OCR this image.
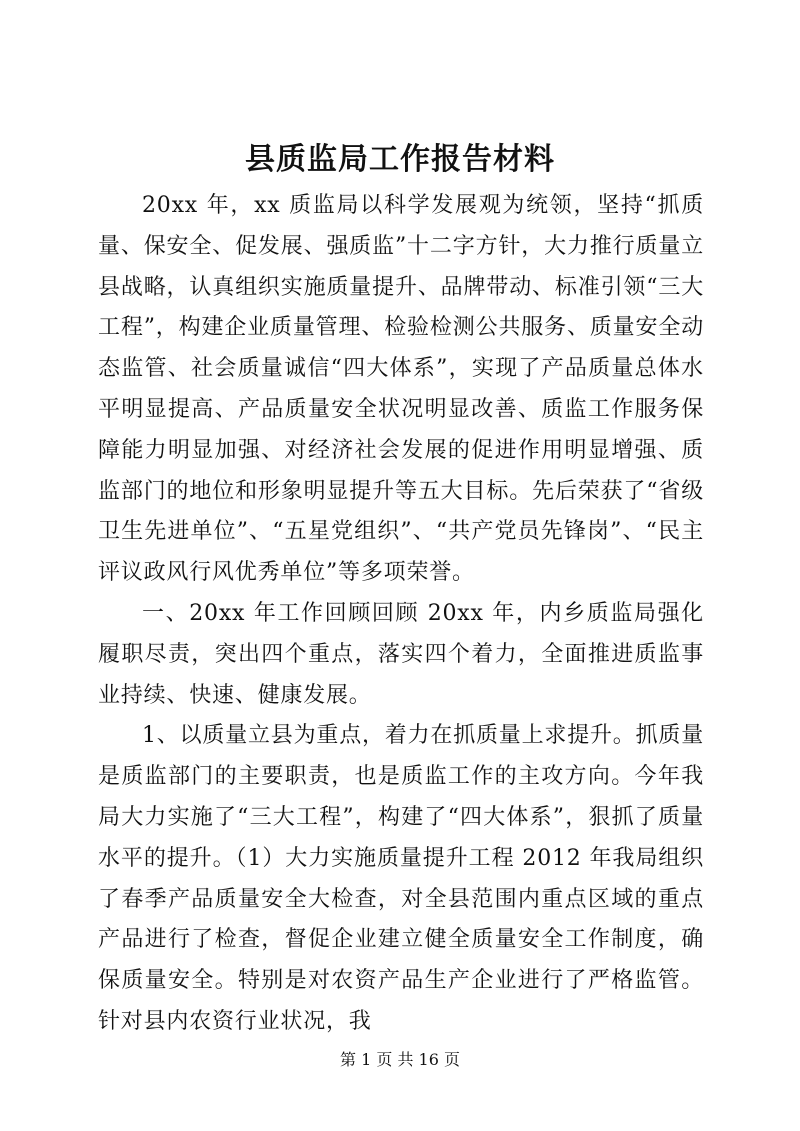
县质监局工作报告材料

20xx 年，xx 质监局以科学发展观为统领，坚持“抓质量、保安全、促发展、强质监”十二字方针，大力推行质量立县战略，认真组织实施质量提升、品牌带动、标准引领“三大工程”，构建企业质量管理、检验检测公共服务、质量安全动态监管、社会质量诚信“四大体系”，实现了产品质量总体水平明显提高、产品质量安全状况明显改善、质监工作服务保障能力明显加强、对经济社会发展的促进作用明显增强、质监部门的地位和形象明显提升等五大目标。先后荣获了“省级卫生先进单位”、“五星党组织”、“共产党员先锋岗”、“民主评议政风行风优秀单位”等多项荣誉。

一、20xx 年工作回顾回顾 20xx 年，内乡质监局强化履职尽责，突出四个重点，落实四个着力，全面推进质监事业持续、快速、健康发展。

1、以质量立县为重点，着力在抓质量上求提升。抓质量是质监部门的主要职责，也是质监工作的主攻方向。今年我局大力实施了“三大工程”，构建了“四大体系”，狠抓了质量水平的提升。（1）大力实施质量提升工程 2012 年我局组织了春季产品质量安全大检查，对全县范围内重点区域的重点产品进行了检查，督促企业建立健全质量安全工作制度，确保质量安全。特别是对农资产品生产企业进行了严格监管。针对县内农资行业状况，我

第 1 页 共 16 页
